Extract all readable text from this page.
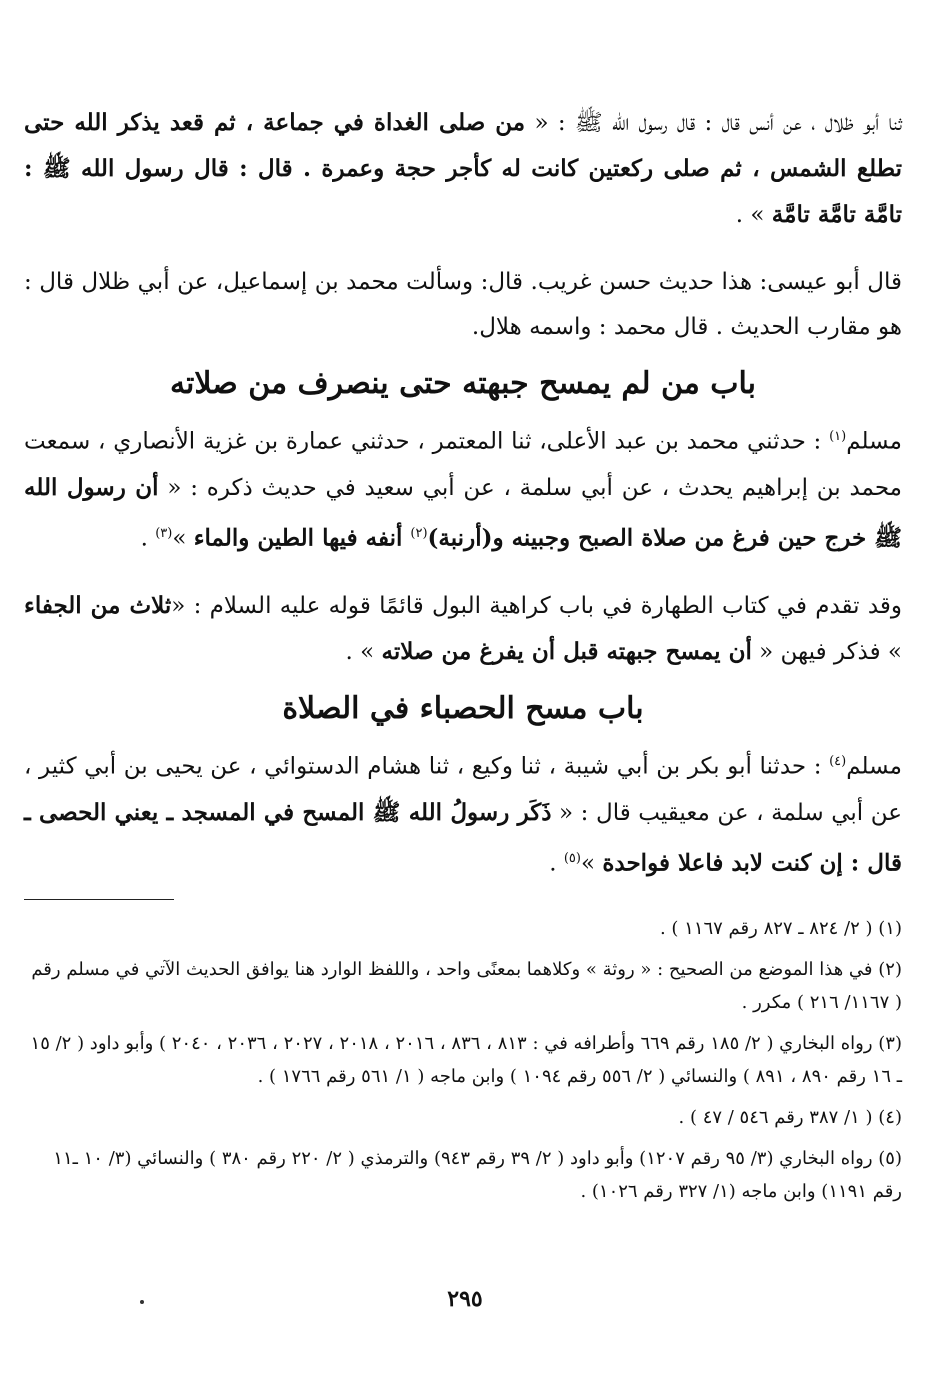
ثنا أبو ظلال ، عن أنس قال : قال رسول الله ﷺ : « من صلى الغداة في جماعة ، ثم قعد يذكر الله حتى تطلع الشمس ، ثم صلى ركعتين كانت له كأجر حجة وعمرة . قال : قال رسول الله ﷺ : تامَّة تامَّة تامَّة » .

قال أبو عيسى: هذا حديث حسن غريب. قال: وسألت محمد بن إسماعيل، عن أبي ظلال قال : هو مقارب الحديث . قال محمد : واسمه هلال.

باب من لم يمسح جبهته حتى ينصرف من صلاته

مسلم$^{(١)}$ : حدثني محمد بن عبد الأعلى، ثنا المعتمر ، حدثني عمارة بن غزية الأنصاري ، سمعت محمد بن إبراهيم يحدث ، عن أبي سلمة ، عن أبي سعيد في حديث ذكره : « أن رسول الله ﷺ خرج حين فرغ من صلاة الصبح وجبينه و(أرنبة)$^{(٢)}$ أنفه فيها الطين والماء »$^{(٣)}$ .

وقد تقدم في كتاب الطهارة في باب كراهية البول قائمًا قوله عليه السلام : «ثلاث من الجفاء » فذكر فيهن « أن يمسح جبهته قبل أن يفرغ من صلاته » .

باب مسح الحصباء في الصلاة

مسلم$^{(٤)}$ : حدثنا أبو بكر بن أبي شيبة ، ثنا وكيع ، ثنا هشام الدستوائي ، عن يحيى بن أبي كثير ، عن أبي سلمة ، عن معيقيب قال : « ذَكَر رسولُ الله ﷺ المسح في المسجد ـ يعني الحصى ـ قال : إن كنت لابد فاعلا فواحدة »$^{(٥)}$ .

(١) ( ٢/ ٨٢٤ ـ ٨٢٧ رقم ١١٦٧ ) .

(٢) في هذا الموضع من الصحيح : « روثة » وكلاهما بمعنًى واحد ، واللفظ الوارد هنا يوافق الحديث الآتي في مسلم رقم ( ١١٦٧/ ٢١٦ ) مكرر .

(٣) رواه البخاري ( ٢/ ١٨٥ رقم ٦٦٩ وأطرافه في : ٨١٣ ، ٨٣٦ ، ٢٠١٦ ، ٢٠١٨ ، ٢٠٢٧ ، ٢٠٣٦ ، ٢٠٤٠ ) وأبو داود ( ٢/ ١٥ ـ ١٦ رقم ٨٩٠ ، ٨٩١ ) والنسائي ( ٢/ ٥٥٦ رقم ١٠٩٤ ) وابن ماجه ( ١/ ٥٦١ رقم ١٧٦٦ ) .

(٤) ( ١/ ٣٨٧ رقم ٥٤٦ / ٤٧ ) .

(٥) رواه البخاري (٣/ ٩٥ رقم ١٢٠٧) وأبو داود ( ٢/ ٣٩ رقم ٩٤٣) والترمذي ( ٢/ ٢٢٠ رقم ٣٨٠ ) والنسائي (٣/ ١٠ ـ١١ رقم ١١٩١) وابن ماجه (١/ ٣٢٧ رقم ١٠٢٦) .

٢٩٥
